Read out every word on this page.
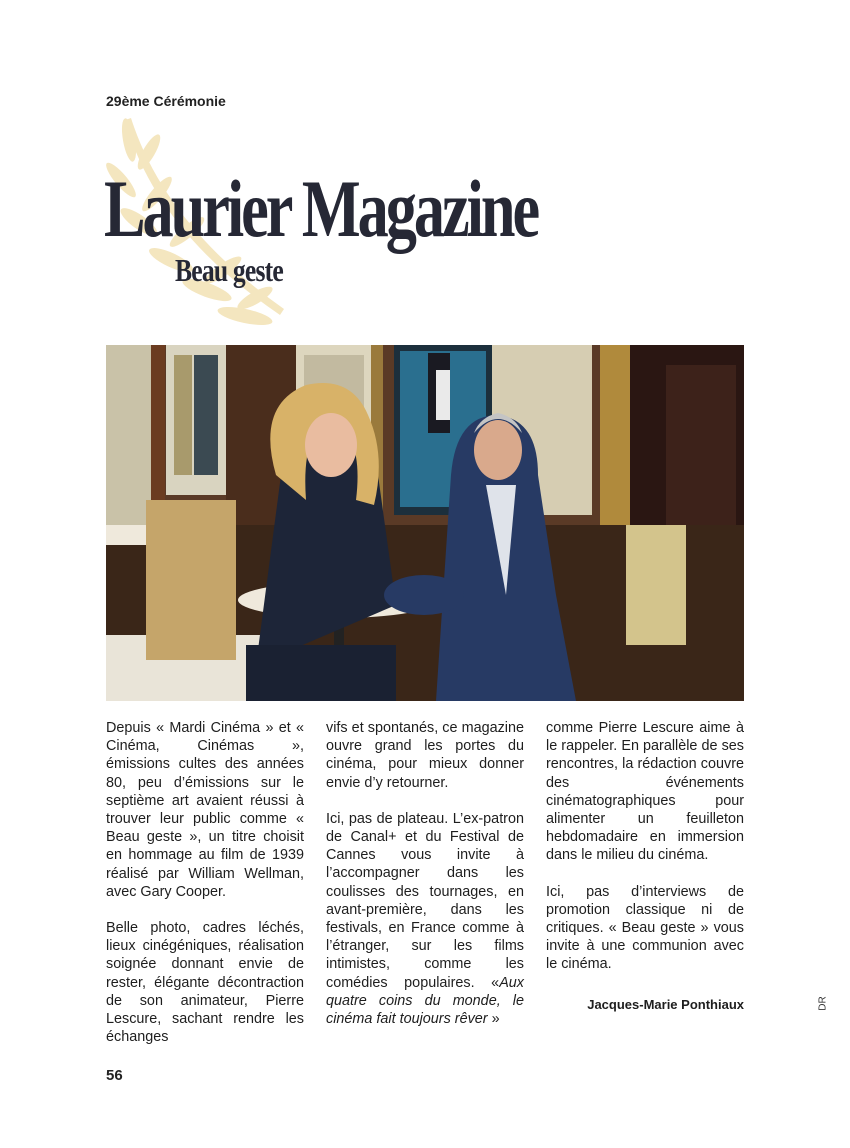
29ème Cérémonie
Laurier Magazine
Beau geste

Depuis « Mardi Cinéma » et « Cinéma, Cinémas », émissions cultes des années 80, peu d’émissions sur le septième art avaient réussi à trouver leur public comme « Beau geste », un titre choisit en hommage au film de 1939 réalisé par William Wellman, avec Gary Cooper.

Belle photo, cadres léchés, lieux cinégéniques, réalisation soignée donnant envie de rester, élégante décontraction de son animateur, Pierre Lescure, sachant rendre les échanges

vifs et spontanés, ce magazine ouvre grand les portes du cinéma, pour mieux donner envie d’y retourner.

Ici, pas de plateau. L’ex-patron de Canal+ et du Festival de Cannes vous invite à l’accompagner dans les coulisses des tournages, en avant-première, dans les festivals, en France comme à l’étranger, sur les films intimistes, comme les comédies populaires. «Aux quatre coins du monde, le cinéma fait toujours rêver »

comme Pierre Lescure aime à le rappeler. En parallèle de ses rencontres, la rédaction couvre des événements cinématographiques pour alimenter un feuilleton hebdomadaire en immersion dans le milieu du cinéma.

Ici, pas d’interviews de promotion classique ni de critiques. « Beau geste » vous invite à une communion avec le cinéma.

Jacques-Marie Ponthiaux	DR
56
